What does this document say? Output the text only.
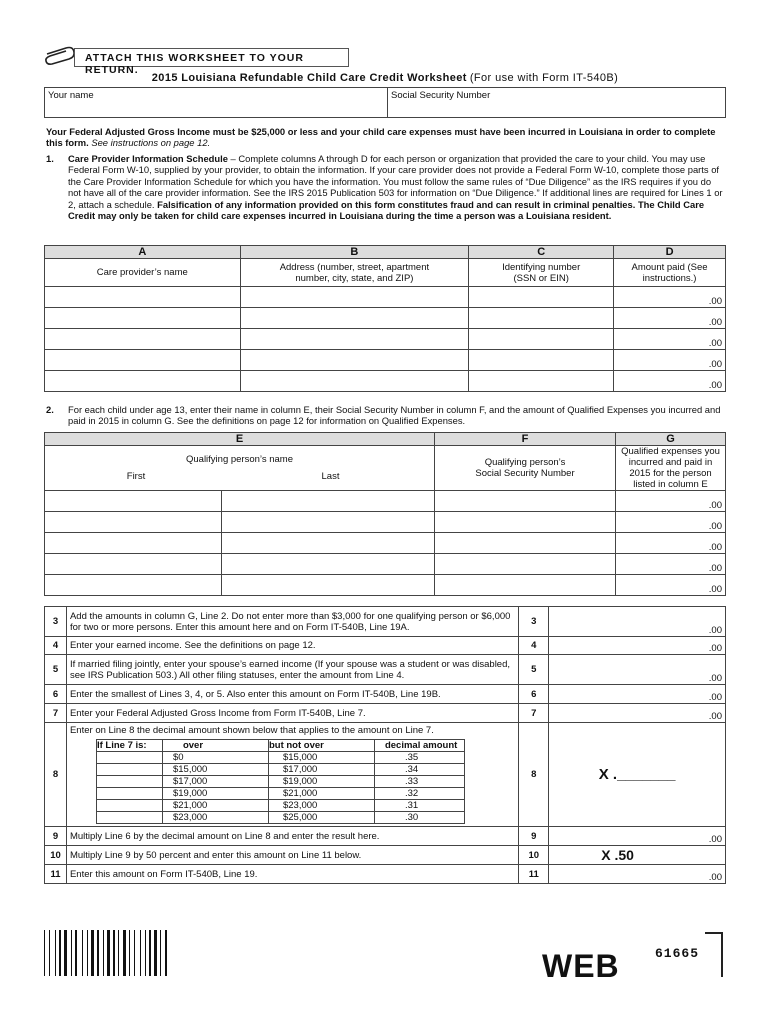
ATTACH THIS WORKSHEET TO YOUR RETURN.
2015 Louisiana Refundable Child Care Credit Worksheet (For use with Form IT-540B)
Your name	Social Security Number
Your Federal Adjusted Gross Income must be $25,000 or less and your child care expenses must have been incurred in Louisiana in order to complete this form. See instructions on page 12.
1. Care Provider Information Schedule – Complete columns A through D for each person or organization that provided the care to your child. You may use Federal Form W-10, supplied by your provider, to obtain the information. If your care provider does not provide a Federal Form W-10, complete those parts of the Care Provider Information Schedule for which you have the information. You must follow the same rules of “Due Diligence” as the IRS requires if you do not have all of the care provider information. See the IRS 2015 Publication 503 for information on “Due Diligence.” If additional lines are required for Lines 1 or 2, attach a schedule. Falsification of any information provided on this form constitutes fraud and can result in criminal penalties. The Child Care Credit may only be taken for child care expenses incurred in Louisiana during the time a person was a Louisiana resident.
A	B	C	D
Care provider’s name	Address (number, street, apartment number, city, state, and ZIP)	Identifying number (SSN or EIN)	Amount paid (See instructions.)
			.00
			.00
			.00
			.00
			.00
2. For each child under age 13, enter their name in column E, their Social Security Number in column F, and the amount of Qualified Expenses you incurred and paid in 2015 in column G. See the definitions on page 12 for information on Qualified Expenses.
E		F	G

Qualifying person’s name
First Last		Qualifying person’s Social Security Number	Qualified expenses you incurred and paid in 2015 for the person listed in column E
			.00
			.00
			.00
			.00
			.00
3	Add the amounts in column G, Line 2. Do not enter more than $3,000 for one qualifying person or $6,000 for two or more persons. Enter this amount here and on Form IT-540B, Line 19A.	3	.00
4	Enter your earned income. See the definitions on page 12.	4	.00
5	If married filing jointly, enter your spouse’s earned income (If your spouse was a student or was disabled, see IRS Publication 503.) All other filing statuses, enter the amount from Line 4.	5	.00
6	Enter the smallest of Lines 3, 4, or 5. Also enter this amount on Form IT-540B, Line 19B.	6	.00
7	Enter your Federal Adjusted Gross Income from Form IT-540B, Line 7.	7	.00
8	
Enter on Line 8 the decimal amount shown below that applies to the amount on Line 7.
If Line 7 is:	over	but not over	decimal amount
	$0	$15,000	.35
	$15,000	$17,000	.34
	$17,000	$19,000	.33
	$19,000	$21,000	.32
	$21,000	$23,000	.31
	$23,000	$25,000	.30
	8	X ._______
9	Multiply Line 6 by the decimal amount on Line 8 and enter the result here.	9	.00
10	Multiply Line 9 by 50 percent and enter this amount on Line 11 below.	10	X .50
11	Enter this amount on Form IT-540B, Line 19.	11	.00
WEB	61665
